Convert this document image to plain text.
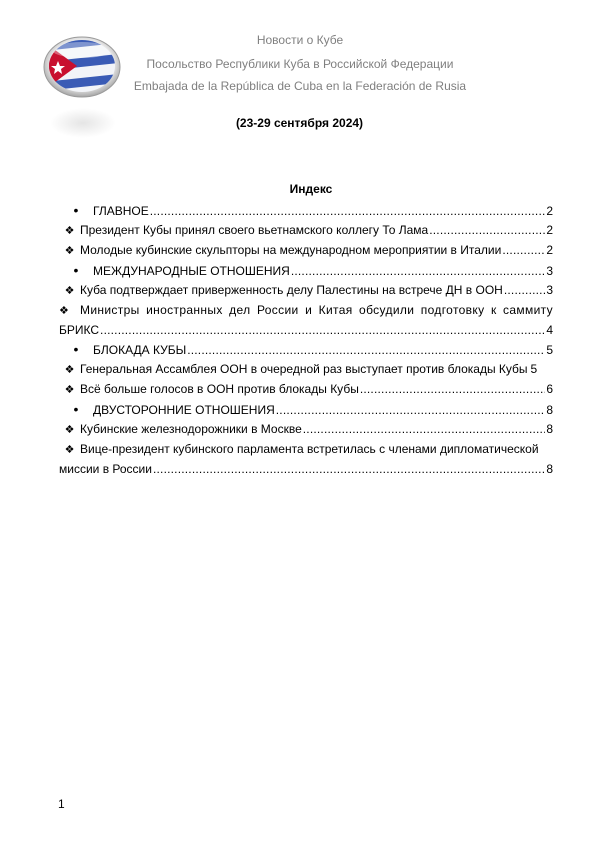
Новости о Кубе
Посольство Республики Куба в Российской Федерации
Embajada de la República de Cuba en la Federación de Rusia
(23-29 сентября 2024)
Индекс
•	ГЛАВНОЕ .....	2
❖ Президент Кубы принял своего вьетнамского коллегу То Лама .....	2
❖ Молодые кубинские скульпторы на международном мероприятии в Италии .....	2
•	МЕЖДУНАРОДНЫЕ ОТНОШЕНИЯ .....	3
❖ Куба подтверждает приверженность делу Палестины на встрече ДН в ООН .....	3
❖ Министры иностранных дел России и Китая обсудили подготовку к саммиту
БРИКС .....	4
•	БЛОКАДА КУБЫ .....	5
❖ Генеральная Ассамблея ООН в очередной раз выступает против блокады Кубы 5
❖ Всё больше голосов в ООН против блокады Кубы .....	6
•	ДВУСТОРОННИЕ ОТНОШЕНИЯ .....	8
❖ Кубинские железнодорожники в Москве .....	8
❖ Вице-президент кубинского парламента встретилась с членами дипломатической
миссии в России .....	8
1
